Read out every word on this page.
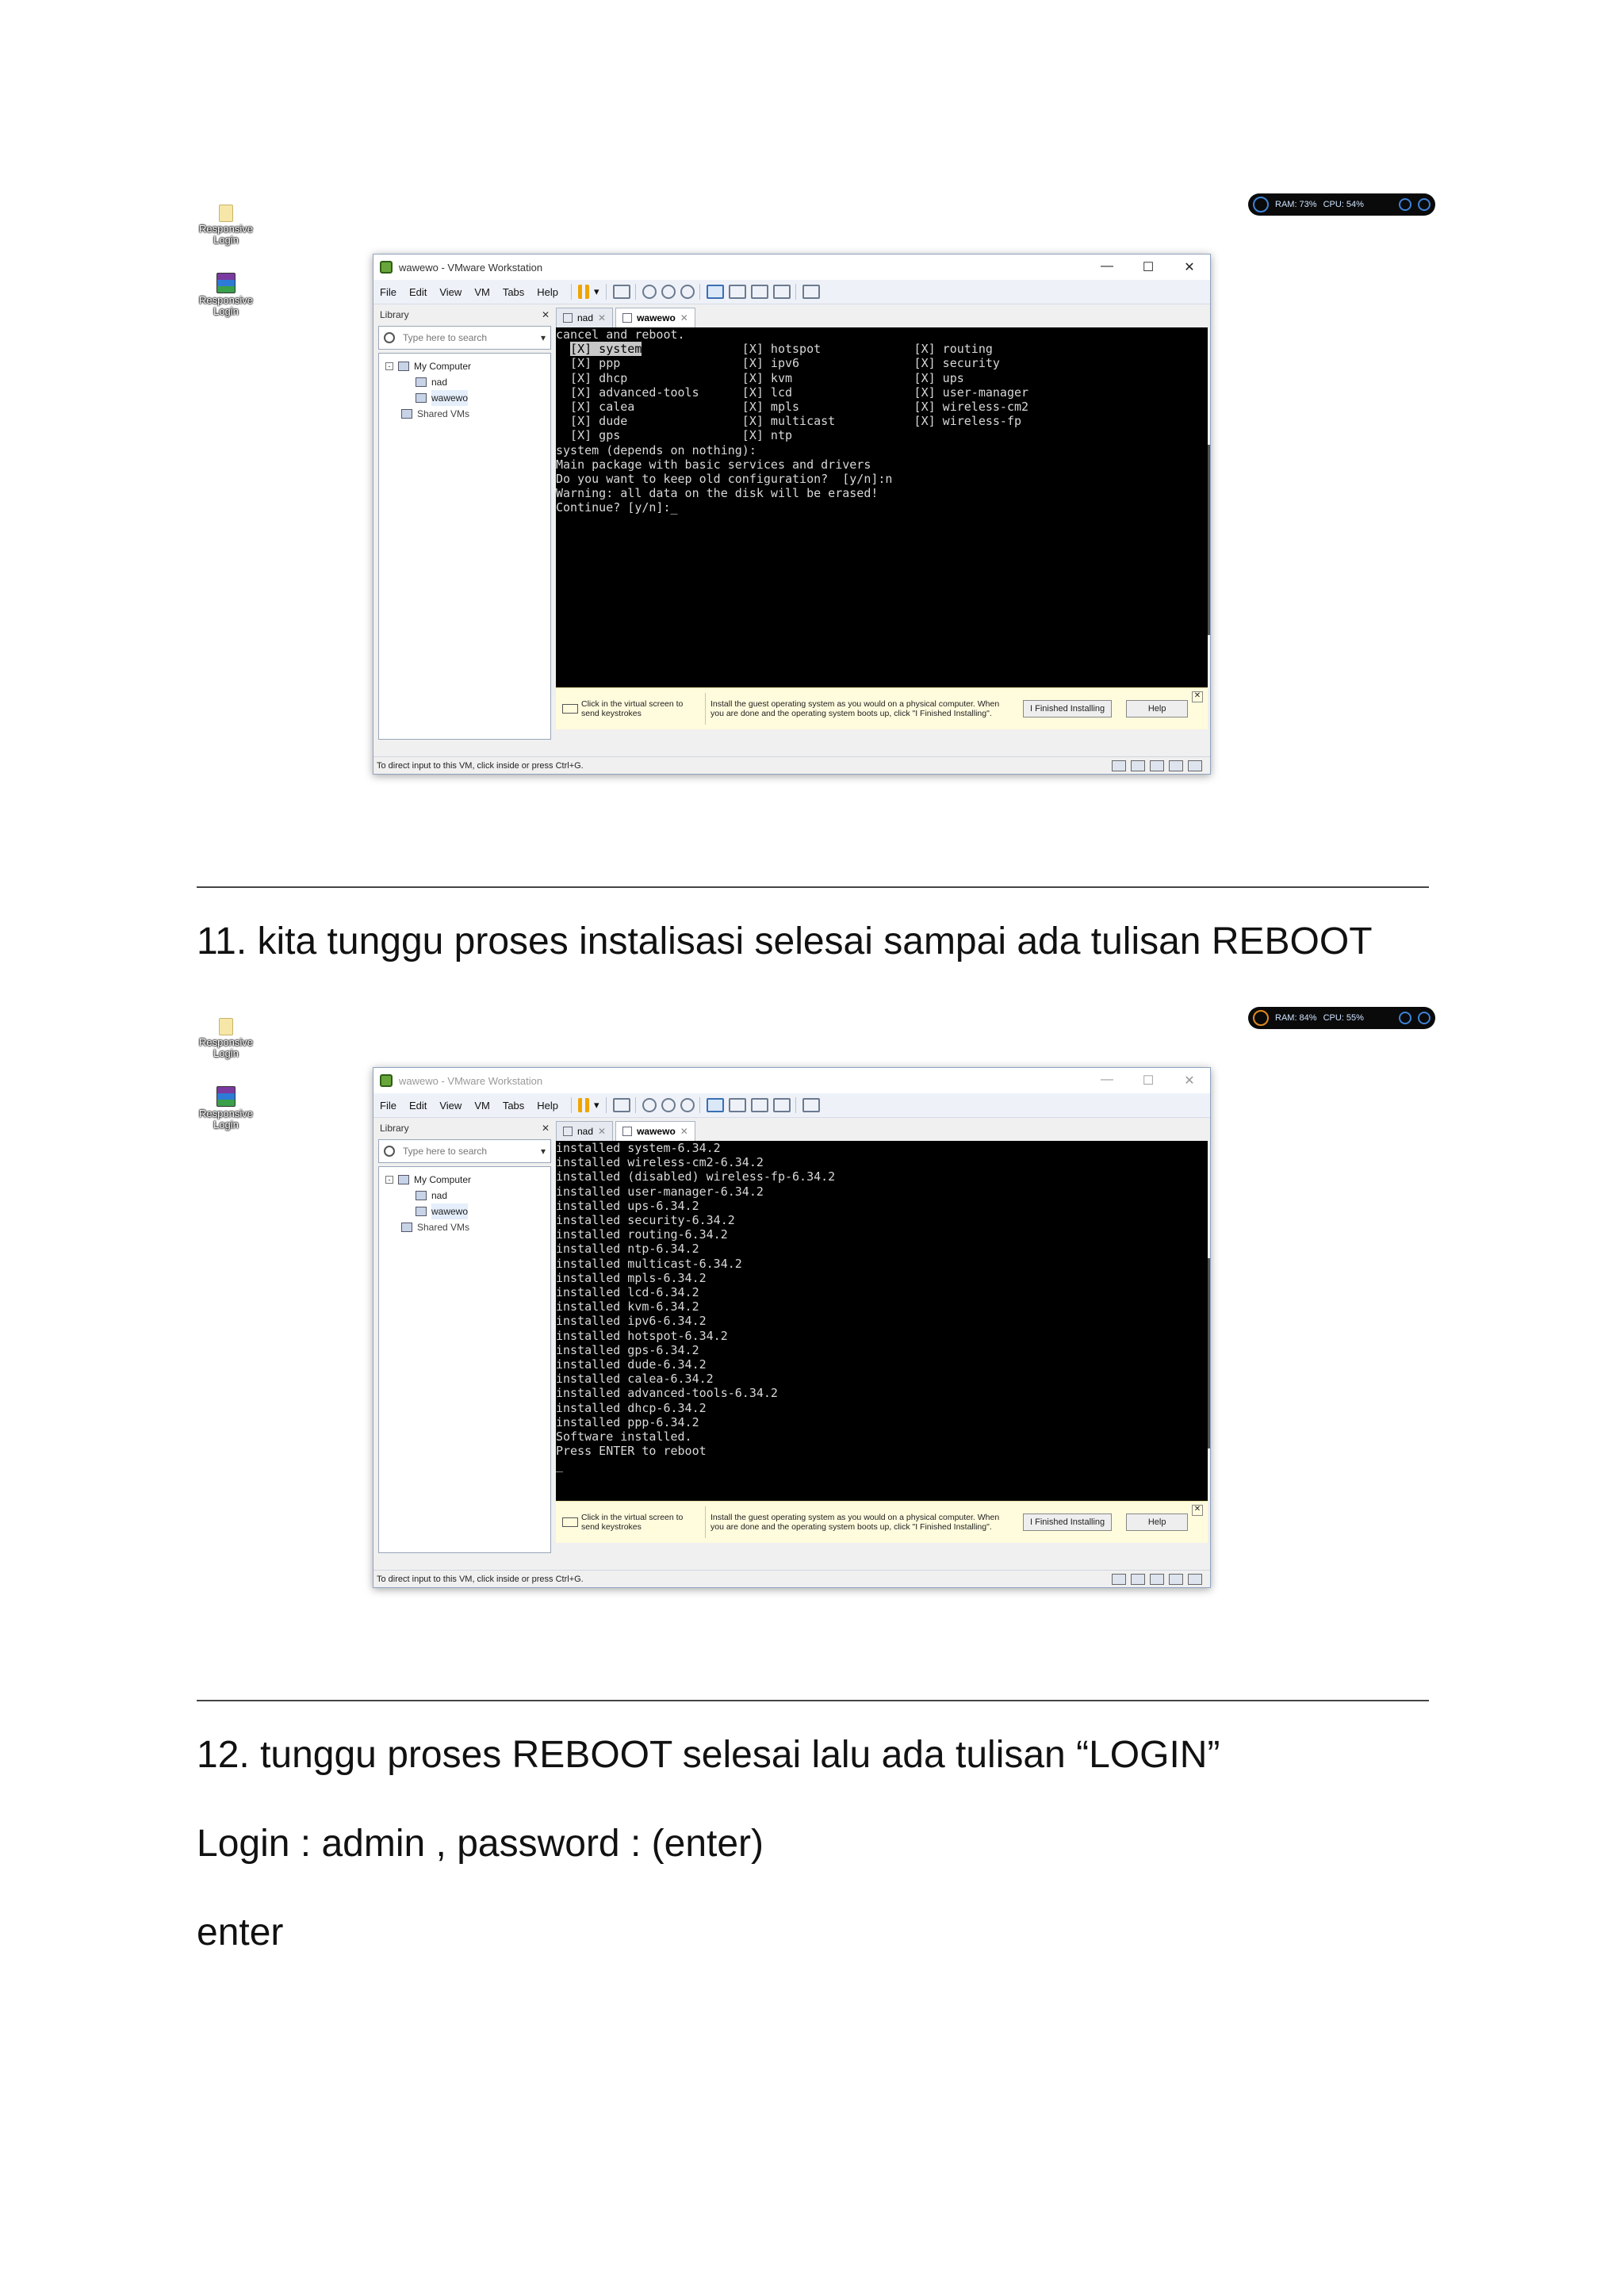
Responsive
Login
Responsive
Login
RAM: 73% CPU: 54%
wawewo - VMware Workstation	—	☐	✕
File Edit View VM Tabs Help	▾
Library	✕
Type here to search	▾
- My Computer
nad
wawewo
Shared VMs
nad ✕	wawewo ✕
cancel and reboot.
[X] system              [X] hotspot             [X] routing
[X] ppp                 [X] ipv6                [X] security
[X] dhcp                [X] kvm                 [X] ups
[X] advanced-tools      [X] lcd                 [X] user-manager
[X] calea               [X] mpls                [X] wireless-cm2
[X] dude                [X] multicast           [X] wireless-fp
[X] gps                 [X] ntp
system (depends on nothing):
Main package with basic services and drivers
Do you want to keep old configuration?  [y/n]:n
Warning: all data on the disk will be erased!
Continue? [y/n]:_
Click in the virtual screen to send keystrokes
Install the guest operating system as you would on a physical computer. When you are done and the operating system boots up, click "I Finished Installing".	I Finished Installing	Help
✕
To direct input to this VM, click inside or press Ctrl+G.
Responsive
Login
Responsive
Login
RAM: 84% CPU: 55%
wawewo - VMware Workstation	—	☐	✕
File Edit View VM Tabs Help	▾
Library	✕
Type here to search	▾
- My Computer
nad
wawewo
Shared VMs
nad ✕	wawewo ✕
installed system-6.34.2
installed wireless-cm2-6.34.2
installed (disabled) wireless-fp-6.34.2
installed user-manager-6.34.2
installed ups-6.34.2
installed security-6.34.2
installed routing-6.34.2
installed ntp-6.34.2
installed multicast-6.34.2
installed mpls-6.34.2
installed lcd-6.34.2
installed kvm-6.34.2
installed ipv6-6.34.2
installed hotspot-6.34.2
installed gps-6.34.2
installed dude-6.34.2
installed calea-6.34.2
installed advanced-tools-6.34.2
installed dhcp-6.34.2
installed ppp-6.34.2
Software installed.
Press ENTER to reboot
_
Click in the virtual screen to send keystrokes
Install the guest operating system as you would on a physical computer. When you are done and the operating system boots up, click "I Finished Installing".	I Finished Installing	Help
✕
To direct input to this VM, click inside or press Ctrl+G.
11. kita tunggu proses instalisasi selesai sampai ada tulisan REBOOT
12. tunggu proses REBOOT selesai lalu ada tulisan “LOGIN”
Login : admin , password : (enter)
enter
